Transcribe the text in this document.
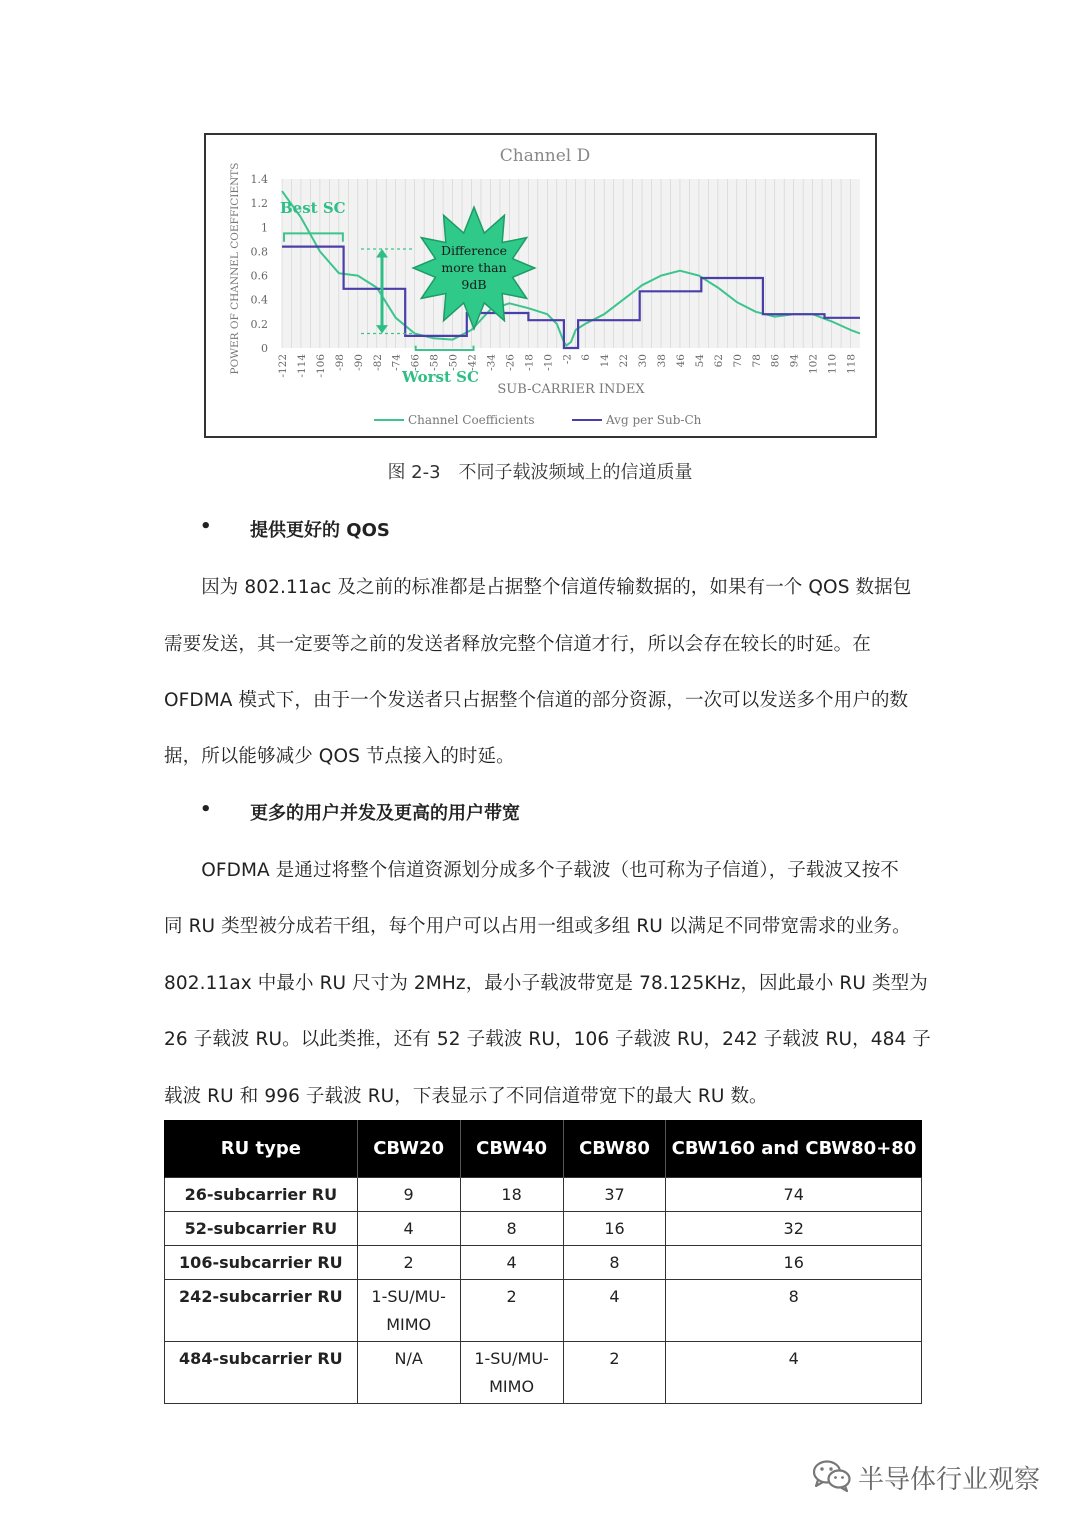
Channel D
0
0.2
0.4
0.6
0.8
1
1.2
1.4
POWER OF CHANNEL COEFFICIENTS	-122 -114 -106 -98 -90 -82 -74 -66 -58 -50 -42 -34 -26 -18 -10 -2 6 14 22 30 38 46 54 62 70 78 86 94 102 110 118
SUB-CARRIER INDEX
Best SC
Worst SC
Difference
more than
9dB
Channel Coefficients	Avg per Sub-Ch
图 2-3　不同子载波频域上的信道质量
• 提供更好的 QOS
　　因为 802.11ac 及之前的标准都是占据整个信道传输数据的，如果有一个 QOS 数据包
需要发送，其一定要等之前的发送者释放完整个信道才行，所以会存在较长的时延。在
OFDMA 模式下，由于一个发送者只占据整个信道的部分资源，一次可以发送多个用户的数
据，所以能够减少 QOS 节点接入的时延。
• 更多的用户并发及更高的用户带宽
　　OFDMA 是通过将整个信道资源划分成多个子载波（也可称为子信道），子载波又按不
同 RU 类型被分成若干组，每个用户可以占用一组或多组 RU 以满足不同带宽需求的业务。
802.11ax 中最小 RU 尺寸为 2MHz，最小子载波带宽是 78.125KHz，因此最小 RU 类型为
26 子载波 RU。以此类推，还有 52 子载波 RU，106 子载波 RU，242 子载波 RU，484 子
载波 RU 和 996 子载波 RU，下表显示了不同信道带宽下的最大 RU 数。
RU type	CBW20	CBW40	CBW80	CBW160 and CBW80+80
26-subcarrier RU	9	18	37	74
52-subcarrier RU	4	8	16	32
106-subcarrier RU	2	4	8	16
242-subcarrier RU	1-SU/MU-MIMO	2	4	8
484-subcarrier RU	N/A	1-SU/MU-MIMO	2	4
半导体行业观察
